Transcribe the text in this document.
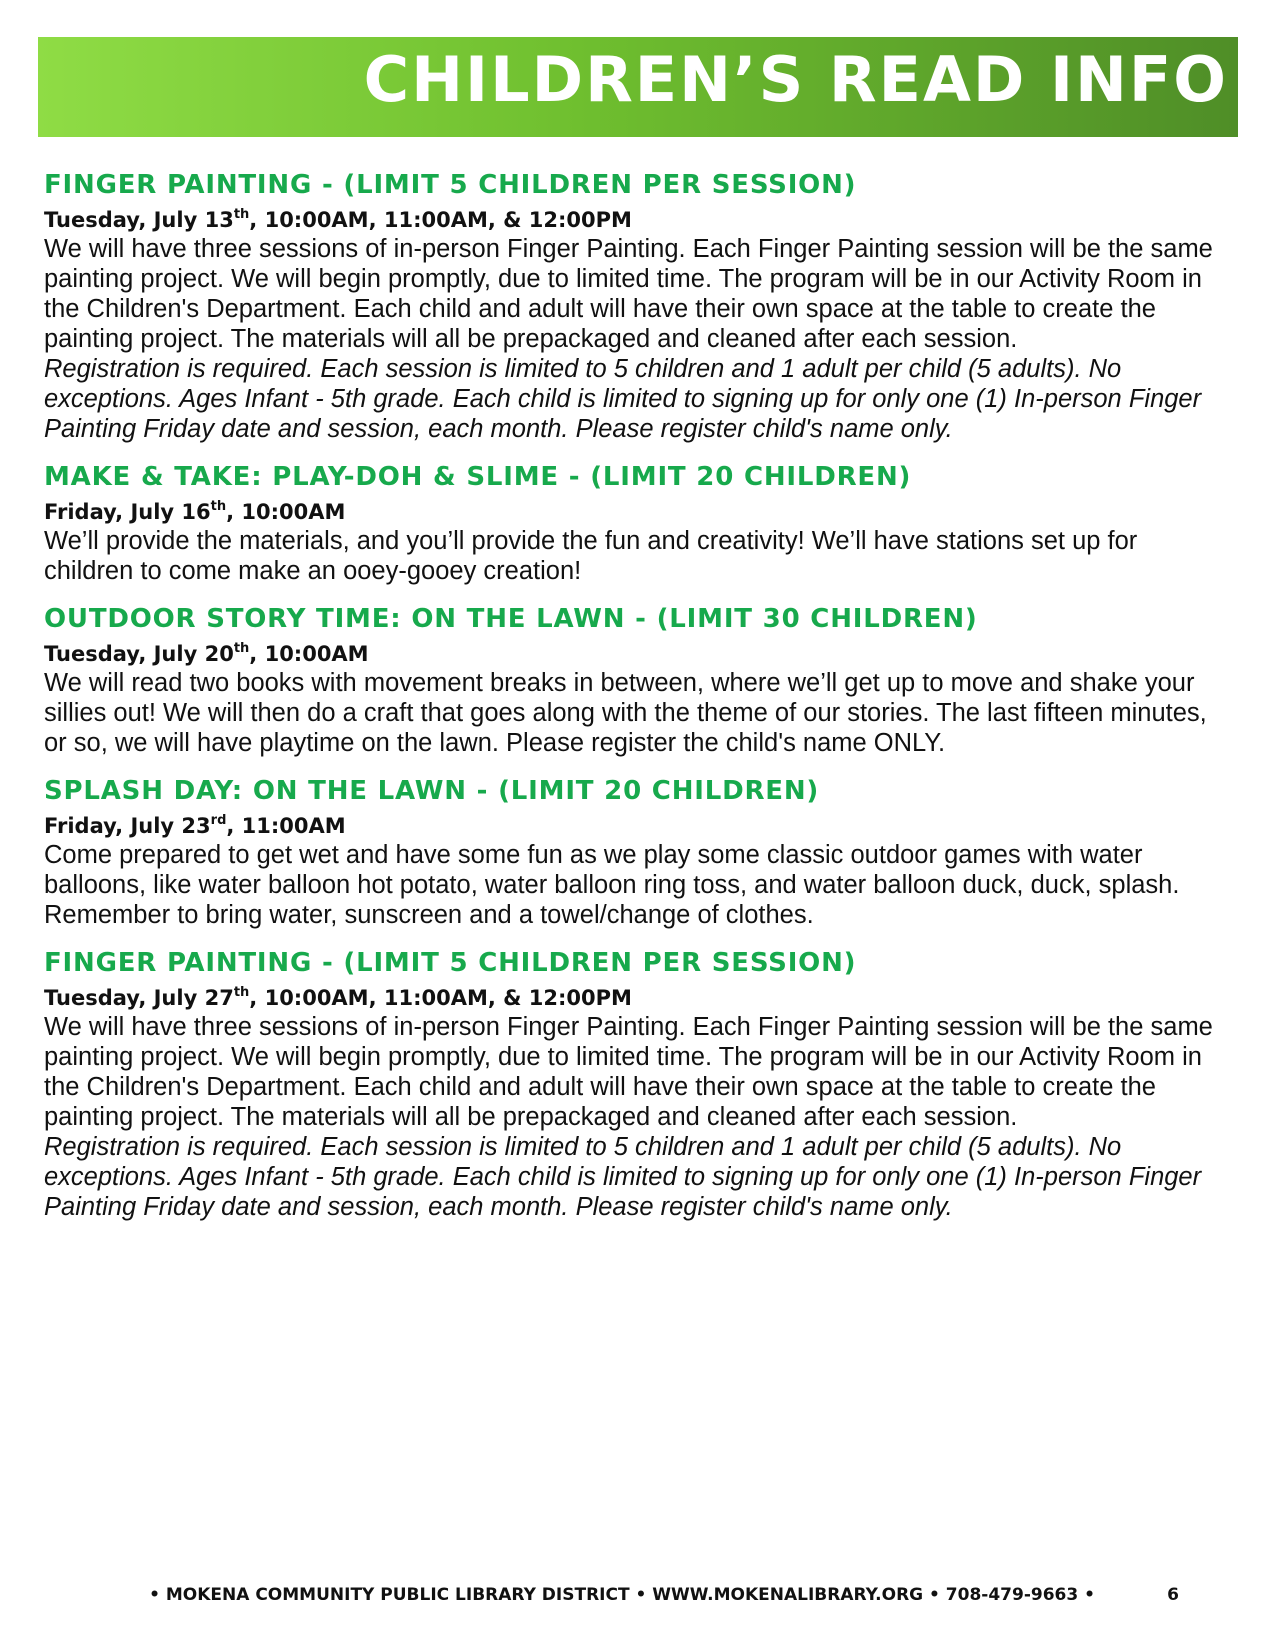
CHILDREN’S READ INFO
FINGER PAINTING - (LIMIT 5 CHILDREN PER SESSION)
Tuesday, July 13th, 10:00AM, 11:00AM, & 12:00PM

We will have three sessions of in-person Finger Painting. Each Finger Painting session will be the same painting project. We will begin promptly, due to limited time. The program will be in our Activity Room in the Children's Department. Each child and adult will have their own space at the table to create the painting project. The materials will all be prepackaged and cleaned after each session.

Registration is required. Each session is limited to 5 children and 1 adult per child (5 adults). No exceptions. Ages Infant - 5th grade. Each child is limited to signing up for only one (1) In-person Finger Painting Friday date and session, each month. Please register child's name only.

MAKE & TAKE: PLAY-DOH & SLIME - (LIMIT 20 CHILDREN)
Friday, July 16th, 10:00AM

We’ll provide the materials, and you’ll provide the fun and creativity! We’ll have stations set up for children to come make an ooey-gooey creation!

OUTDOOR STORY TIME: ON THE LAWN - (LIMIT 30 CHILDREN)
Tuesday, July 20th, 10:00AM

We will read two books with movement breaks in between, where we’ll get up to move and shake your sillies out! We will then do a craft that goes along with the theme of our stories. The last fifteen minutes, or so, we will have playtime on the lawn. Please register the child's name ONLY.

SPLASH DAY: ON THE LAWN - (LIMIT 20 CHILDREN)
Friday, July 23rd, 11:00AM

Come prepared to get wet and have some fun as we play some classic outdoor games with water balloons, like water balloon hot potato, water balloon ring toss, and water balloon duck, duck, splash. Remember to bring water, sunscreen and a towel/change of clothes.

FINGER PAINTING - (LIMIT 5 CHILDREN PER SESSION)
Tuesday, July 27th, 10:00AM, 11:00AM, & 12:00PM

We will have three sessions of in-person Finger Painting. Each Finger Painting session will be the same painting project. We will begin promptly, due to limited time. The program will be in our Activity Room in the Children's Department. Each child and adult will have their own space at the table to create the painting project. The materials will all be prepackaged and cleaned after each session.

Registration is required. Each session is limited to 5 children and 1 adult per child (5 adults). No exceptions. Ages Infant - 5th grade. Each child is limited to signing up for only one (1) In-person Finger Painting Friday date and session, each month. Please register child's name only.

• MOKENA COMMUNITY PUBLIC LIBRARY DISTRICT • WWW.MOKENALIBRARY.ORG • 708-479-9663 •	6
